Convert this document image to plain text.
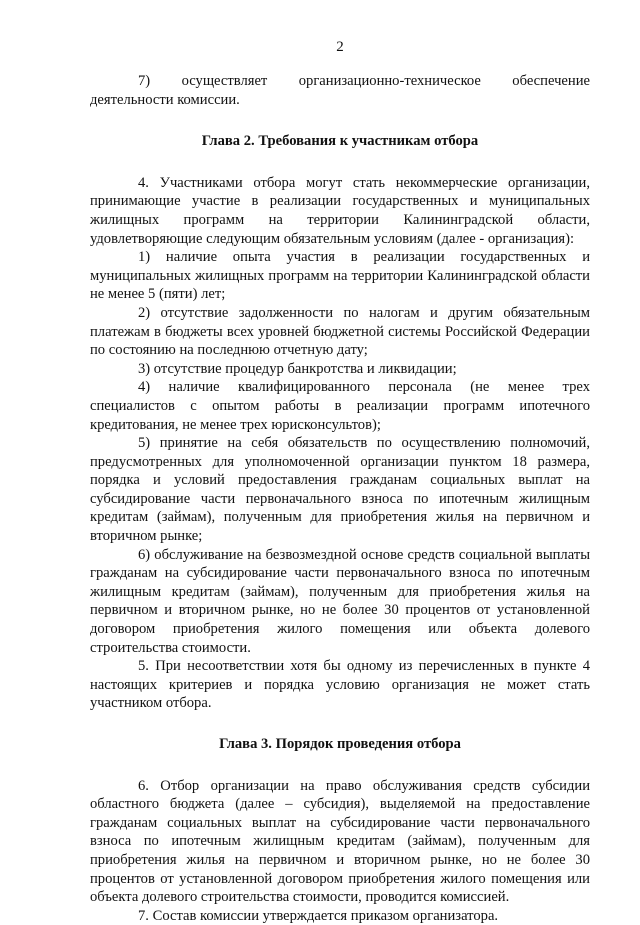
2

7) осуществляет организационно-техническое обеспечение деятельности комиссии.

Глава 2. Требования к участникам отбора

4. Участниками отбора могут стать некоммерческие организации, принимающие участие в реализации государственных и муниципальных жилищных программ на территории Калининградской области, удовлетворяющие следующим обязательным условиям (далее - организация):

1) наличие опыта участия в реализации государственных и муниципальных жилищных программ на территории Калининградской области не менее 5 (пяти) лет;

2) отсутствие задолженности по налогам и другим обязательным платежам в бюджеты всех уровней бюджетной системы Российской Федерации по состоянию на последнюю отчетную дату;

3) отсутствие процедур банкротства и ликвидации;

4) наличие квалифицированного персонала (не менее трех специалистов с опытом работы в реализации программ ипотечного кредитования, не менее трех юрисконсультов);

5) принятие на себя обязательств по осуществлению полномочий, предусмотренных для уполномоченной организации пунктом 18 размера, порядка и условий предоставления гражданам социальных выплат на субсидирование части первоначального взноса по ипотечным жилищным кредитам (займам), полученным для приобретения жилья на первичном и вторичном рынке;

6) обслуживание на безвозмездной основе средств социальной выплаты гражданам на субсидирование части первоначального взноса по ипотечным жилищным кредитам (займам), полученным для приобретения жилья на первичном и вторичном рынке, но не более 30 процентов от установленной договором приобретения жилого помещения или объекта долевого строительства стоимости.

5. При несоответствии хотя бы одному из перечисленных в пункте 4 настоящих критериев и порядка условию организация не может стать участником отбора.

Глава 3. Порядок проведения отбора

6. Отбор организации на право обслуживания средств субсидии областного бюджета (далее – субсидия), выделяемой на предоставление гражданам социальных выплат на субсидирование части первоначального взноса по ипотечным жилищным кредитам (займам), полученным для приобретения жилья на первичном и вторичном рынке, но не более 30 процентов от установленной договором приобретения жилого помещения или объекта долевого строительства стоимости, проводится комиссией.

7. Состав комиссии утверждается приказом организатора.
